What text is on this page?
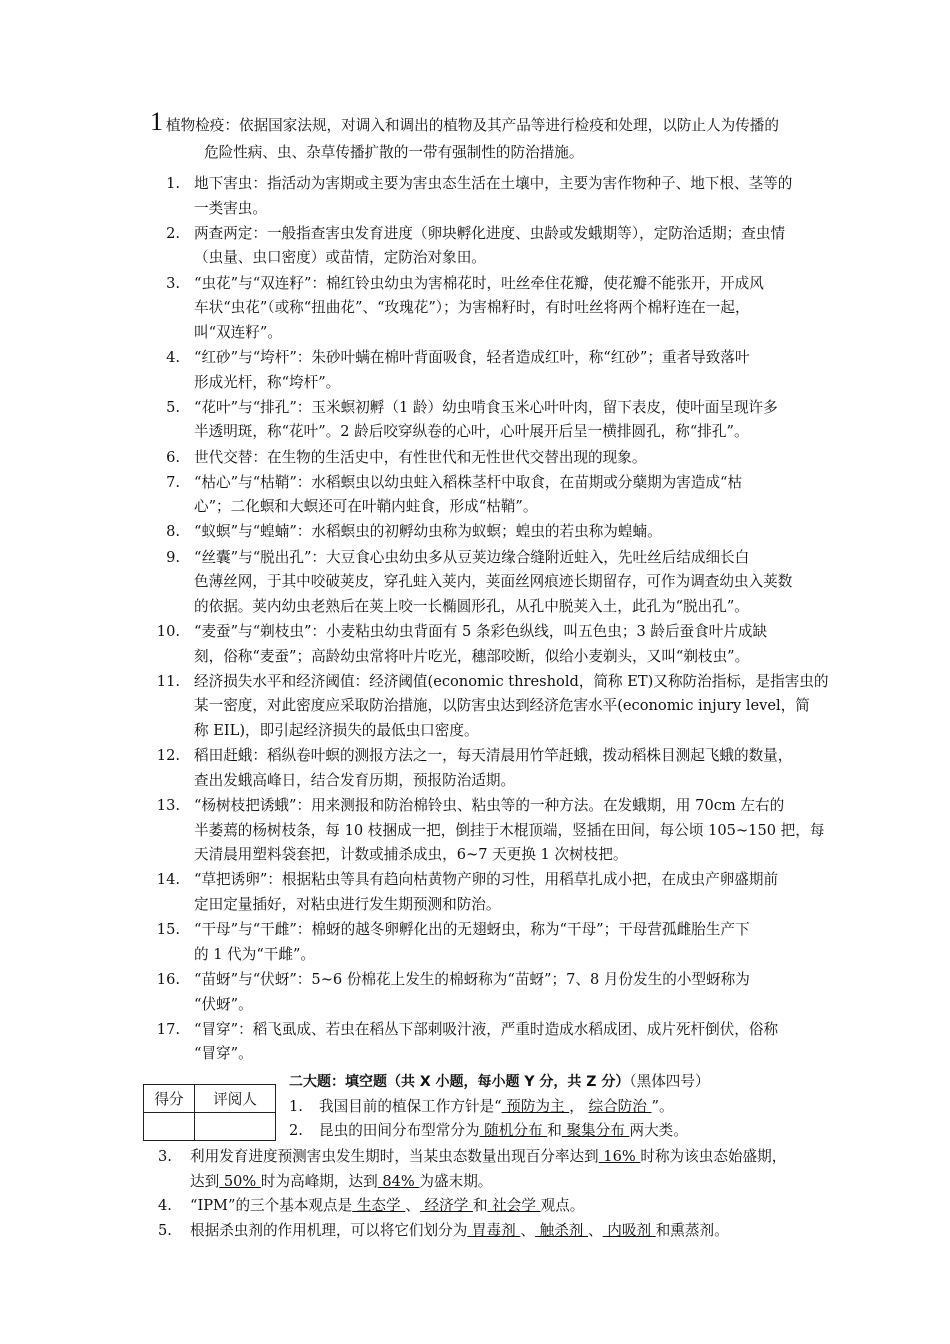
1 植物检疫：依据国家法规，对调入和调出的植物及其产品等进行检疫和处理，以防止人为传播的
危险性病、虫、杂草传播扩散的一带有强制性的防治措施。
1. 地下害虫：指活动为害期或主要为害虫态生活在土壤中，主要为害作物种子、地下根、茎等的
一类害虫。
2. 两查两定：一般指查害虫发育进度（卵块孵化进度、虫龄或发蛾期等），定防治适期；查虫情
（虫量、虫口密度）或苗情，定防治对象田。
3. “虫花”与“双连籽”：棉红铃虫幼虫为害棉花时，吐丝牵住花瓣，使花瓣不能张开，开成风
车状“虫花”（或称“扭曲花”、“玫瑰花”）；为害棉籽时，有时吐丝将两个棉籽连在一起，
叫“双连籽”。
4. “红砂”与“垮杆”：朱砂叶螨在棉叶背面吸食，轻者造成红叶，称“红砂”；重者导致落叶
形成光杆，称“垮杆”。
5. “花叶”与“排孔”：玉米螟初孵（1 龄）幼虫啃食玉米心叶叶肉，留下表皮，使叶面呈现许多
半透明斑，称“花叶”。2 龄后咬穿纵卷的心叶，心叶展开后呈一横排圆孔，称“排孔”。
6. 世代交替：在生物的生活史中，有性世代和无性世代交替出现的现象。
7. “枯心”与“枯鞘”：水稻螟虫以幼虫蛀入稻株茎杆中取食，在苗期或分蘖期为害造成“枯
心”；二化螟和大螟还可在叶鞘内蛀食，形成“枯鞘”。
8. “蚁螟”与“蝗蝻”：水稻螟虫的初孵幼虫称为蚁螟；蝗虫的若虫称为蝗蝻。
9. “丝囊”与“脱出孔”：大豆食心虫幼虫多从豆荚边缘合缝附近蛀入，先吐丝后结成细长白
色薄丝网，于其中咬破荚皮，穿孔蛀入荚内，荚面丝网痕迹长期留存，可作为调查幼虫入荚数
的依据。荚内幼虫老熟后在荚上咬一长椭圆形孔，从孔中脱荚入土，此孔为“脱出孔”。
10. “麦蚕”与“剃枝虫”：小麦粘虫幼虫背面有 5 条彩色纵线，叫五色虫；3 龄后蚕食叶片成缺
刻，俗称“麦蚕”；高龄幼虫常将叶片吃光，穗部咬断，似给小麦剃头，又叫“剃枝虫”。
11. 经济损失水平和经济阈值：经济阈值(economic threshold，简称 ET)又称防治指标，是指害虫的
某一密度，对此密度应采取防治措施，以防害虫达到经济危害水平(economic injury level，简
称 EIL)，即引起经济损失的最低虫口密度。
12. 稻田赶蛾：稻纵卷叶螟的测报方法之一，每天清晨用竹竿赶蛾，拨动稻株目测起飞蛾的数量，
查出发蛾高峰日，结合发育历期，预报防治适期。
13. “杨树枝把诱蛾”：用来测报和防治棉铃虫、粘虫等的一种方法。在发蛾期，用 70cm 左右的
半萎蔫的杨树枝条，每 10 枝捆成一把，倒挂于木棍顶端，竖插在田间，每公顷 105~150 把，每
天清晨用塑料袋套把，计数或捕杀成虫，6~7 天更换 1 次树枝把。
14. “草把诱卵”：根据粘虫等具有趋向枯黄物产卵的习性，用稻草扎成小把，在成虫产卵盛期前
定田定量插好，对粘虫进行发生期预测和防治。
15. “干母”与“干雌”：棉蚜的越冬卵孵化出的无翅蚜虫，称为“干母”；干母营孤雌胎生产下
的 1 代为“干雌”。
16. “苗蚜”与“伏蚜”：5~6 份棉花上发生的棉蚜称为“苗蚜”；7、8 月份发生的小型蚜称为
“伏蚜”。
17. “冒穿”：稻飞虱成、若虫在稻丛下部刺吸汁液，严重时造成水稻成团、成片死杆倒伏，俗称
“冒穿”。
得分	评阅人

二大题：填空题（共 X 小题，每小题 Y 分，共 Z 分）（黑体四号）
1. 我国目前的植保工作方针是“ 预防为主 ， 综合防治 ”。
2. 昆虫的田间分布型常分为 随机分布 和 聚集分布 两大类。
3. 利用发育进度预测害虫发生期时，当某虫态数量出现百分率达到 16% 时称为该虫态始盛期，
达到 50% 时为高峰期，达到 84% 为盛末期。
4. “IPM”的三个基本观点是 生态学 、 经济学 和 社会学 观点。
5. 根据杀虫剂的作用机理，可以将它们划分为 胃毒剂 、 触杀剂 、 内吸剂 和熏蒸剂。
